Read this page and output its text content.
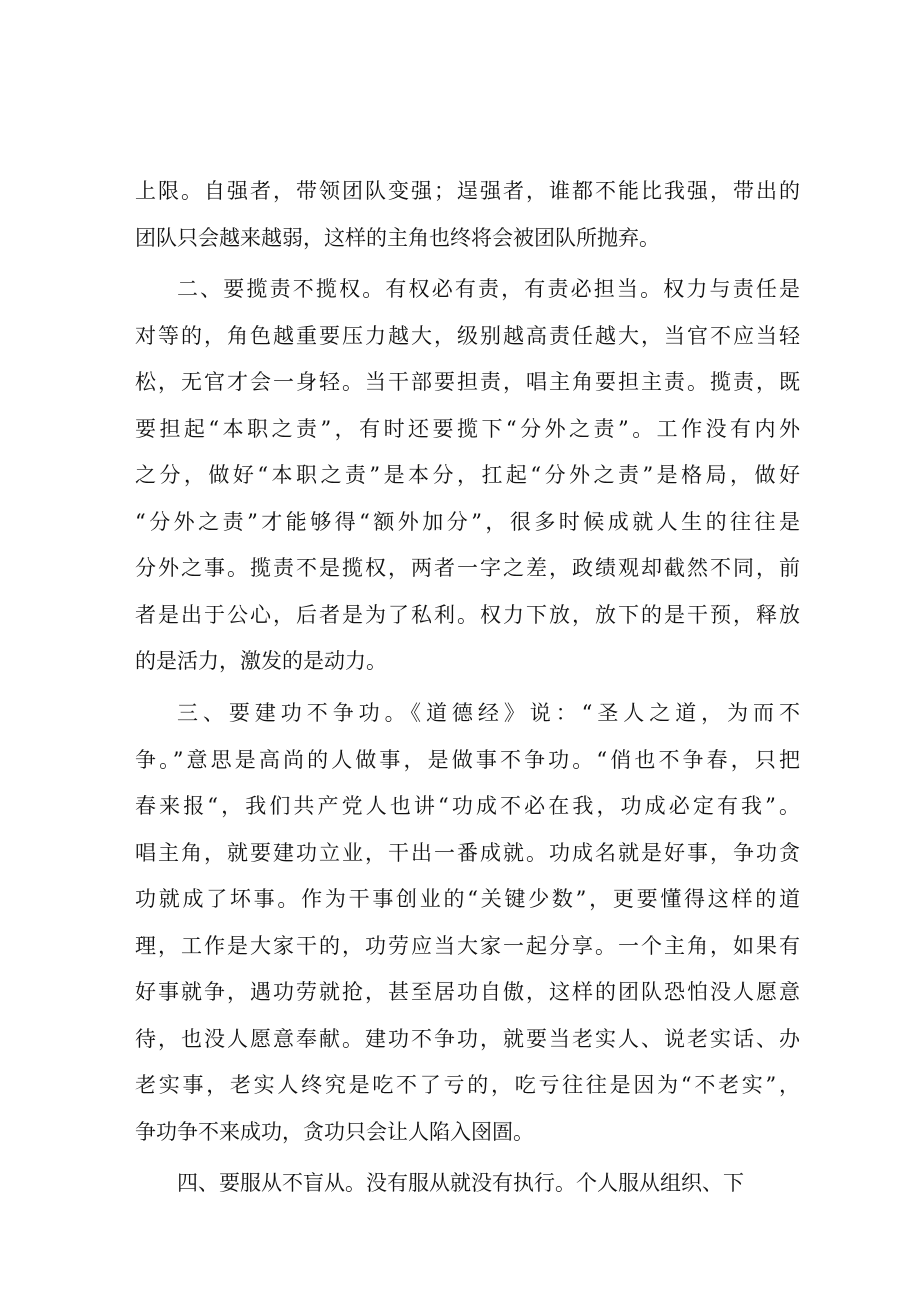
上限。自强者，带领团队变强；逞强者，谁都不能比我强，带出的
团队只会越来越弱，这样的主角也终将会被团队所抛弃。
二、要揽责不揽权。有权必有责，有责必担当。权力与责任是
对等的，角色越重要压力越大，级别越高责任越大，当官不应当轻
松，无官才会一身轻。当干部要担责，唱主角要担主责。揽责，既
要担起“本职之责”，有时还要揽下“分外之责”。工作没有内外
之分，做好“本职之责”是本分，扛起“分外之责”是格局，做好
“分外之责”才能够得“额外加分”，很多时候成就人生的往往是
分外之事。揽责不是揽权，两者一字之差，政绩观却截然不同，前
者是出于公心，后者是为了私利。权力下放，放下的是干预，释放
的是活力，激发的是动力。
三、要建功不争功。《道德经》说：“圣人之道，为而不
争。”意思是高尚的人做事，是做事不争功。“俏也不争春，只把
春来报“，我们共产党人也讲“功成不必在我，功成必定有我”。
唱主角，就要建功立业，干出一番成就。功成名就是好事，争功贪
功就成了坏事。作为干事创业的“关键少数”，更要懂得这样的道
理，工作是大家干的，功劳应当大家一起分享。一个主角，如果有
好事就争，遇功劳就抢，甚至居功自傲，这样的团队恐怕没人愿意
待，也没人愿意奉献。建功不争功，就要当老实人、说老实话、办
老实事，老实人终究是吃不了亏的，吃亏往往是因为“不老实”，
争功争不来成功，贪功只会让人陷入囹圄。
四、要服从不盲从。没有服从就没有执行。个人服从组织、下
